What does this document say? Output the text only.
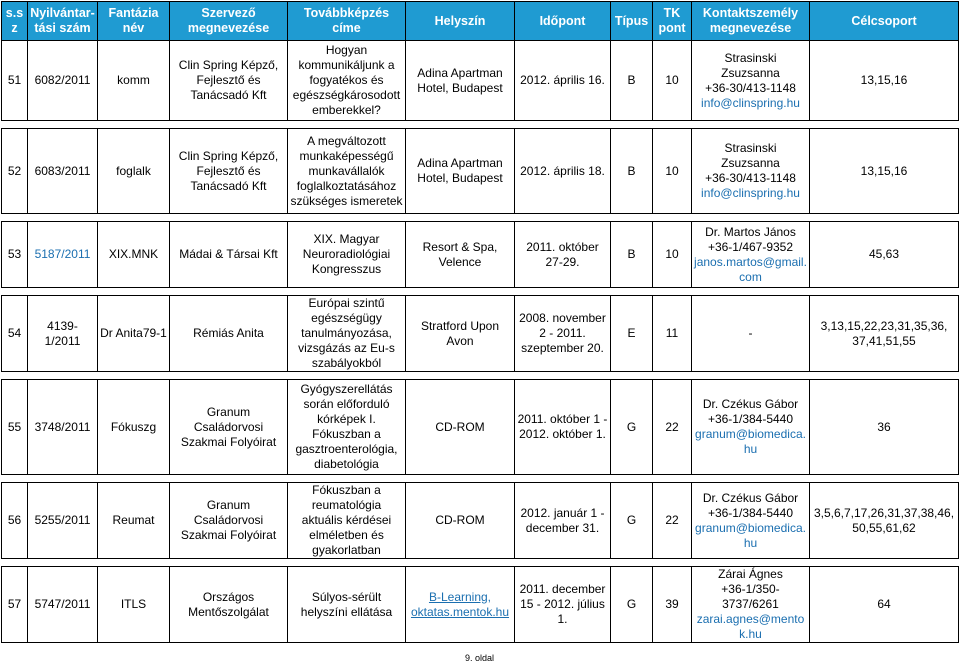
s.s z	Nyilvántar-tási szám	Fantázia név	Szervező megnevezése	Továbbképzés címe	Helyszín	Időpont	Típus	TK pont	Kontaktszemély megnevezése	Célcsoport
51	6082/2011	komm	Clin Spring Képző, Fejlesztő és Tanácsadó Kft	Hogyan kommunikáljunk a fogyatékos és egészségkárosodott emberekkel?	Adina Apartman Hotel, Budapest	2012. április 16.	B	10	Strasinski Zsuzsanna
+36-30/413-1148
info@clinspring.hu	13,15,16

52	6083/2011	foglalk	Clin Spring Képző, Fejlesztő és Tanácsadó Kft	A megváltozott munkaképességű munkavállalók foglalkoztatásához szükséges ismeretek	Adina Apartman Hotel, Budapest	2012. április 18.	B	10	Strasinski Zsuzsanna
+36-30/413-1148
info@clinspring.hu	13,15,16

53	5187/2011	XIX.MNK	Mádai & Társai Kft	XIX. Magyar Neuroradiológiai Kongresszus	Resort & Spa, Velence	2011. október 27-29.	B	10	Dr. Martos János
+36-1/467-9352
janos.martos@gmail.com	45,63

54	4139-1/2011	Dr Anita79-1	Rémiás Anita	Európai szintű egészségügy tanulmányozása, vizsgázás az Eu-s szabályokból	Stratford Upon Avon	2008. november 2 - 2011. szeptember 20.	E	11	-	3,13,15,22,23,31,35,36, 37,41,51,55

55	3748/2011	Fókuszg	Granum Családorvosi Szakmai Folyóirat	Gyógyszerellátás során előforduló kórképek I. Fókuszban a gasztroenterológia, diabetológia	CD-ROM	2011. október 1 - 2012. október 1.	G	22	Dr. Czékus Gábor
+36-1/384-5440
granum@biomedica.hu	36

56	5255/2011	Reumat	Granum Családorvosi Szakmai Folyóirat	Fókuszban a reumatológia aktuális kérdései elméletben és gyakorlatban	CD-ROM	2012. január 1 - december 31.	G	22	Dr. Czékus Gábor
+36-1/384-5440
granum@biomedica.hu	3,5,6,7,17,26,31,37,38,46, 50,55,61,62

57	5747/2011	ITLS	Országos Mentőszolgálat	Súlyos-sérült helyszíni ellátása	B-Learning, oktatas.mentok.hu	2011. december 15 - 2012. július 1.	G	39	Zárai Ágnes
+36-1/350-3737/6261
zarai.agnes@mentok.hu	64
9. oldal
